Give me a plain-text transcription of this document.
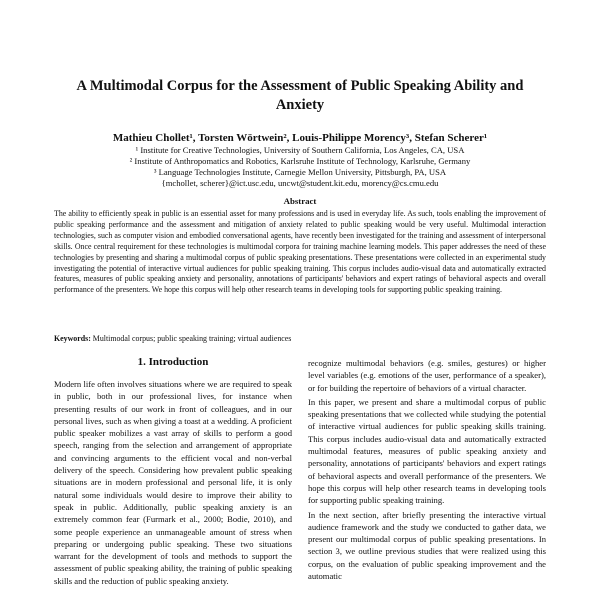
A Multimodal Corpus for the Assessment of Public Speaking Ability and
Anxiety
Mathieu Chollet¹, Torsten Wörtwein², Louis-Philippe Morency³, Stefan Scherer¹
¹ Institute for Creative Technologies, University of Southern California, Los Angeles, CA, USA
² Institute of Anthropomatics and Robotics, Karlsruhe Institute of Technology, Karlsruhe, Germany
³ Language Technologies Institute, Carnegie Mellon University, Pittsburgh, PA, USA
{mchollet, scherer}@ict.usc.edu, uncwt@student.kit.edu, morency@cs.cmu.edu
Abstract
The ability to efficiently speak in public is an essential asset for many professions and is used in everyday life. As such, tools enabling the improvement of public speaking performance and the assessment and mitigation of anxiety related to public speaking would be very useful. Multimodal interaction technologies, such as computer vision and embodied conversational agents, have recently been investigated for the training and assessment of interpersonal skills. Once central requirement for these technologies is multimodal corpora for training machine learning models. This paper addresses the need of these technologies by presenting and sharing a multimodal corpus of public speaking presentations. These presentations were collected in an experimental study investigating the potential of interactive virtual audiences for public speaking training. This corpus includes audio-visual data and automatically extracted features, measures of public speaking anxiety and personality, annotations of participants' behaviors and expert ratings of behavioral aspects and overall performance of the presenters. We hope this corpus will help other research teams in developing tools for supporting public speaking training.
Keywords: Multimodal corpus; public speaking training; virtual audiences
1. Introduction

Modern life often involves situations where we are required to speak in public, both in our professional lives, for instance when presenting results of our work in front of colleagues, and in our personal lives, such as when giving a toast at a wedding. A proficient public speaker mobilizes a vast array of skills to perform a good speech, ranging from the selection and arrangement of appropriate and convincing arguments to the efficient vocal and non-verbal delivery of the speech. Considering how prevalent public speaking situations are in modern professional and personal life, it is only natural some individuals would desire to improve their ability to speak in public. Additionally, public speaking anxiety is an extremely common fear (Furmark et al., 2000; Bodie, 2010), and some people experience an unmanageable amount of stress when preparing or undergoing public speaking. These two situations warrant for the development of tools and methods to support the assessment of public speaking ability, the training of public speaking skills and the reduction of public speaking anxiety.

recognize multimodal behaviors (e.g. smiles, gestures) or higher level variables (e.g. emotions of the user, performance of a speaker), or for building the repertoire of behaviors of a virtual character.

In this paper, we present and share a multimodal corpus of public speaking presentations that we collected while studying the potential of interactive virtual audiences for public speaking skills training. This corpus includes audio-visual data and automatically extracted multimodal features, measures of public speaking anxiety and personality, annotations of participants' behaviors and expert ratings of behavioral aspects and overall performance of the presenters. We hope this corpus will help other research teams in developing tools for supporting public speaking training.

In the next section, after briefly presenting the interactive virtual audience framework and the study we conducted to gather data, we present our multimodal corpus of public speaking presentations. In section 3, we outline previous studies that were realized using this corpus, on the evaluation of public speaking improvement and the automatic
